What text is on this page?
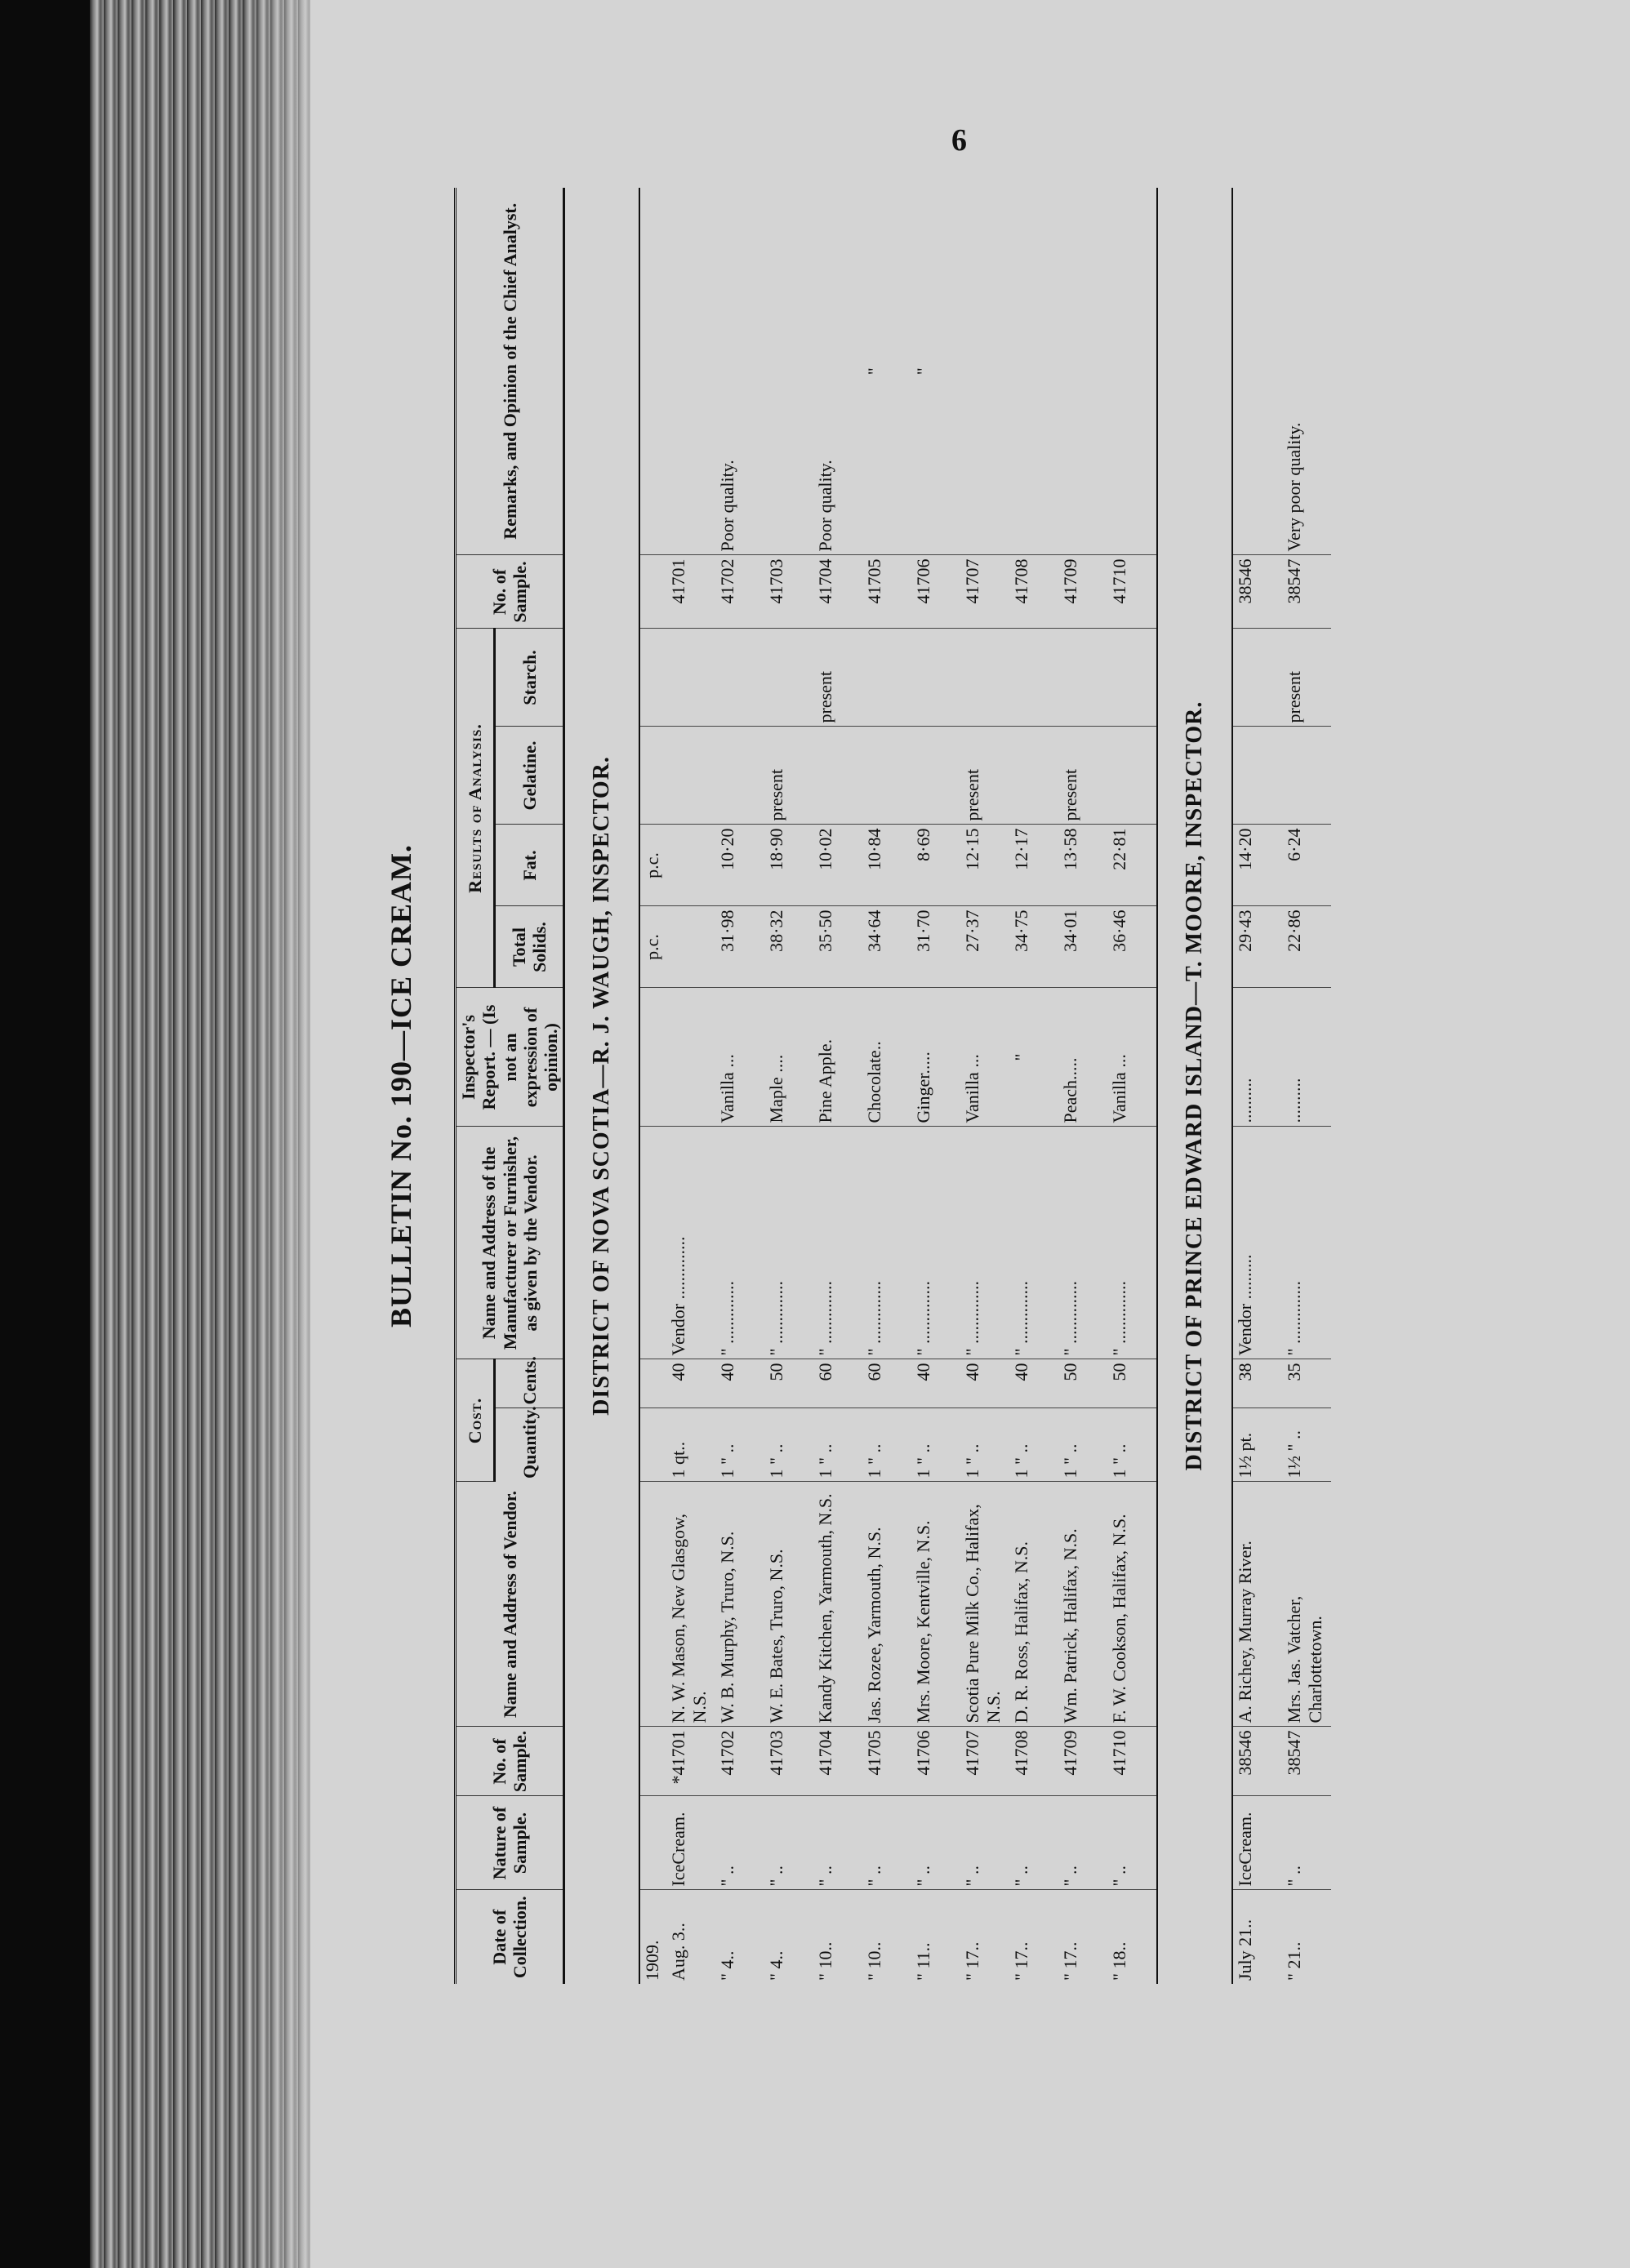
6
BULLETIN No. 190—ICE CREAM.
Date of Collection.	Nature of Sample.	No. of Sample.	Name and Address of Vendor.	Cost.		Name and Address of the Manufacturer or Furnisher, as given by the Vendor.	Inspector's Report. — (Is not an expression of opinion.)	Results of Analysis.				No. of Sample.	Remarks, and Opinion of the Chief Analyst.
				Quantity.	Cents.			Total Solids.	Fat.	Gelatine.	Starch.		
DISTRICT OF NOVA SCOTIA—R. J. WAUGH, INSPECTOR.													
1909.								p.c.	p.c.				
Aug. 3..	IceCream.	*41701	N. W. Mason, New Glasgow, N.S.	1 qt..	40	Vendor ..............						41701	
" 4..	" ..	41702	W. B. Murphy, Truro, N.S.	1 " ..	40	" ..............	Vanilla ...	31·98	10·20			41702	Poor quality.
" 4..	" ..	41703	W. E. Bates, Truro, N.S.	1 " ..	50	" ..............	Maple ....	38·32	18·90	present		41703	
" 10..	" ..	41704	Kandy Kitchen, Yarmouth, N.S.	1 " ..	60	" ..............	Pine Apple.	35·50	10·02		present	41704	Poor quality.
" 10..	" ..	41705	Jas. Rozee, Yarmouth, N.S.	1 " ..	60	" ..............	Chocolate..	34·64	10·84			41705	"
" 11..	" ..	41706	Mrs. Moore, Kentville, N.S.	1 " ..	40	" ..............	Ginger.....	31·70	8·69			41706	"
" 17..	" ..	41707	Scotia Pure Milk Co., Halifax, N.S.	1 " ..	40	" ..............	Vanilla ...	27·37	12·15	present		41707	
" 17..	" ..	41708	D. R. Ross, Halifax, N.S.	1 " ..	40	" ..............	"	34·75	12·17			41708	
" 17..	" ..	41709	Wm. Patrick, Halifax, N.S.	1 " ..	50	" ..............	Peach.....	34·01	13·58	present		41709	
" 18..	" ..	41710	F. W. Cookson, Halifax, N.S.	1 " ..	50	" ..............	Vanilla ...	36·46	22·81			41710	
DISTRICT OF PRINCE EDWARD ISLAND—T. MOORE, INSPECTOR.													
July 21..	IceCream.	38546	A. Richey, Murray River.	1½ pt.	38	Vendor ..........	..........	29·43	14·20			38546	
" 21..	" ..	38547	Mrs. Jas. Vatcher, Charlottetown.	1½ " ..	35	" ..............	..........	22·86	6·24		present	38547	Very poor quality.
